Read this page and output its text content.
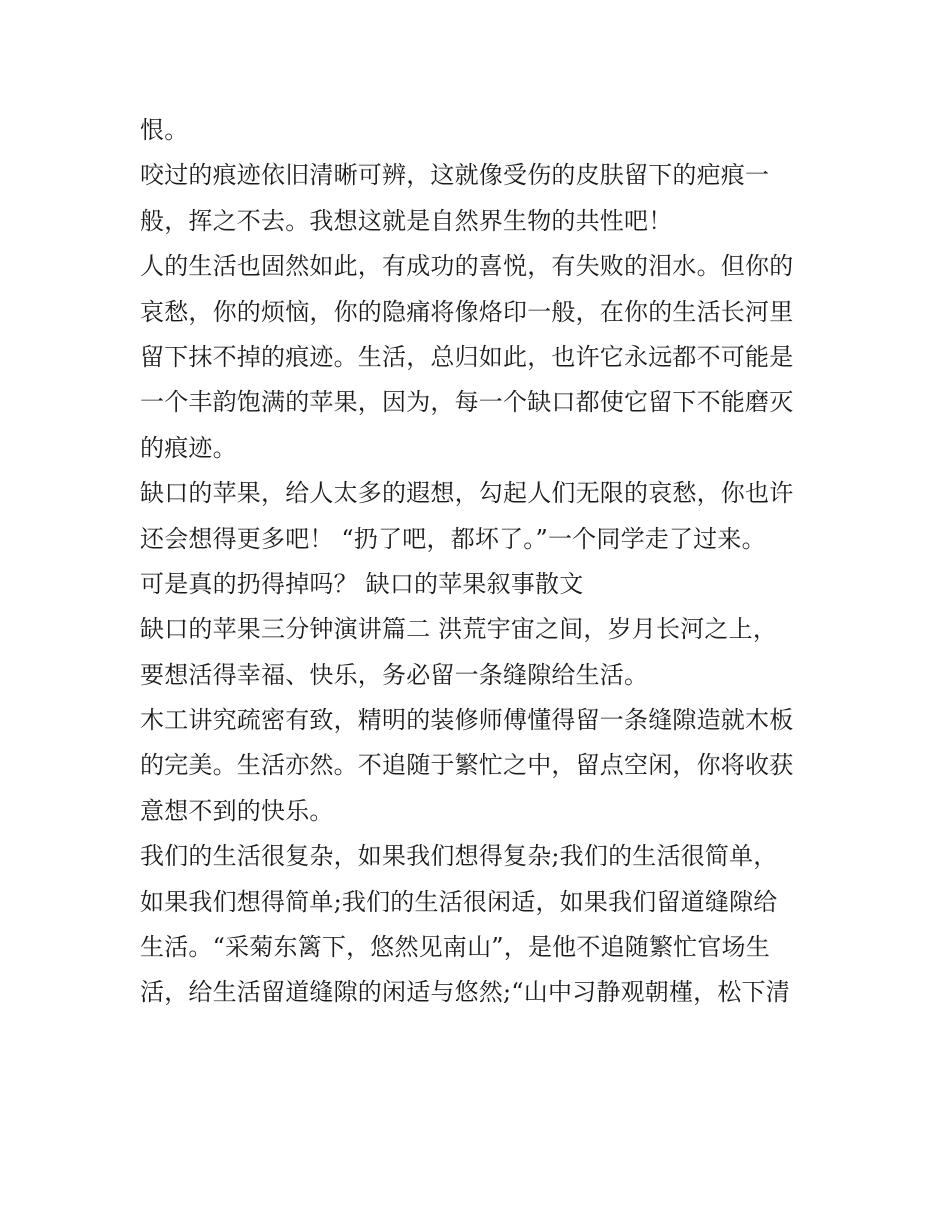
恨。
咬过的痕迹依旧清晰可辨，这就像受伤的皮肤留下的疤痕一
般，挥之不去。我想这就是自然界生物的共性吧！
人的生活也固然如此，有成功的喜悦，有失败的泪水。但你的
哀愁，你的烦恼，你的隐痛将像烙印一般，在你的生活长河里
留下抹不掉的痕迹。生活，总归如此，也许它永远都不可能是
一个丰韵饱满的苹果，因为，每一个缺口都使它留下不能磨灭
的痕迹。
缺口的苹果，给人太多的遐想，勾起人们无限的哀愁，你也许
还会想得更多吧！ “扔了吧，都坏了。”一个同学走了过来。
可是真的扔得掉吗？ 缺口的苹果叙事散文
缺口的苹果三分钟演讲篇二 洪荒宇宙之间，岁月长河之上，
要想活得幸福、快乐，务必留一条缝隙给生活。
木工讲究疏密有致，精明的装修师傅懂得留一条缝隙造就木板
的完美。生活亦然。不追随于繁忙之中，留点空闲，你将收获
意想不到的快乐。
我们的生活很复杂，如果我们想得复杂;我们的生活很简单，
如果我们想得简单;我们的生活很闲适，如果我们留道缝隙给
生活。“采菊东篱下，悠然见南山”，是他不追随繁忙官场生
活，给生活留道缝隙的闲适与悠然;“山中习静观朝槿，松下清
